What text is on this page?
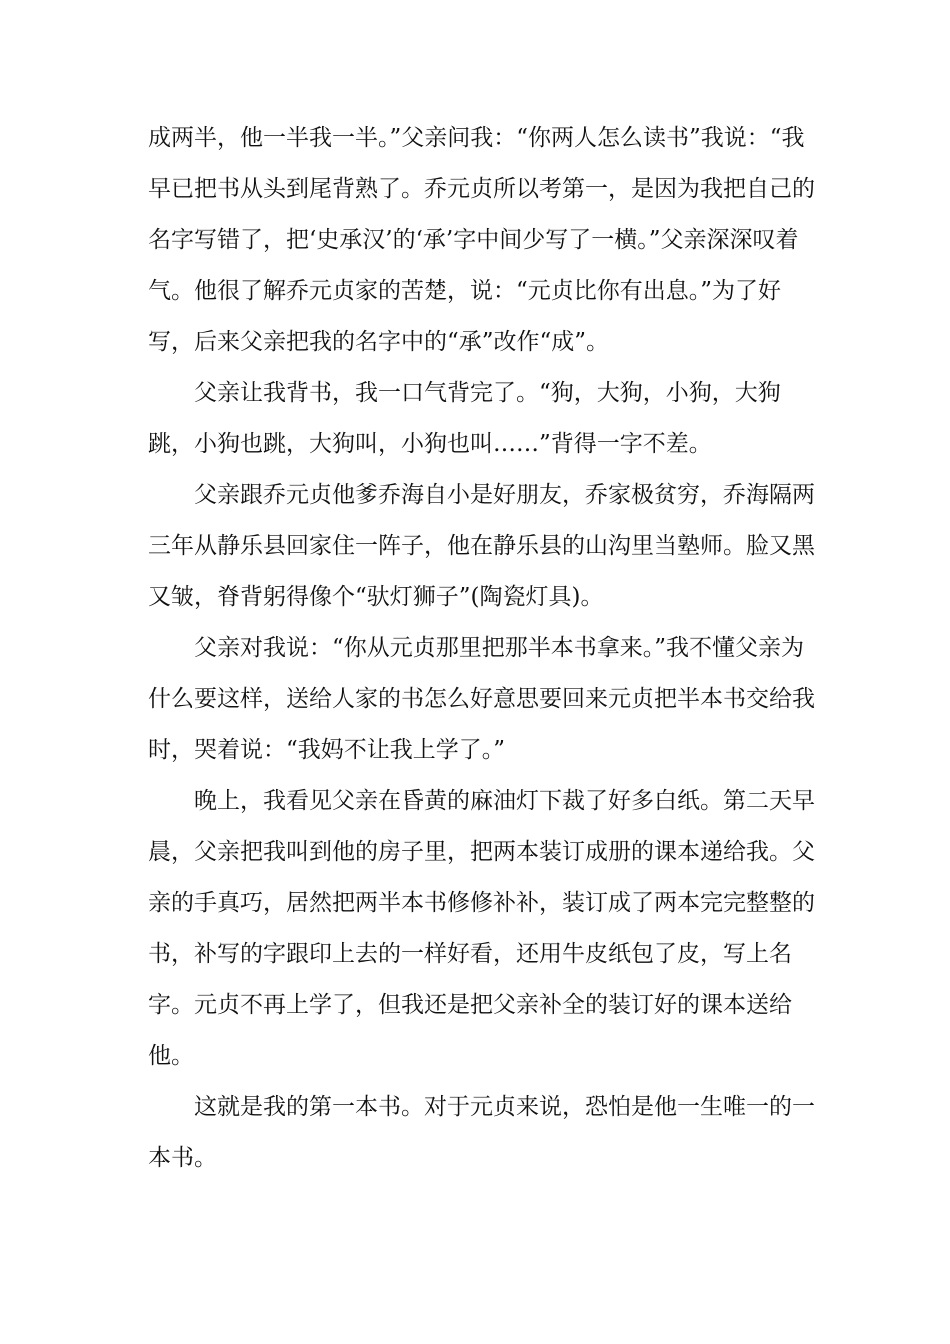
成两半，他一半我一半。”父亲问我：“你两人怎么读书”我说：“我
早已把书从头到尾背熟了。乔元贞所以考第一，是因为我把自己的
名字写错了，把‘史承汉’的‘承’字中间少写了一横。”父亲深深叹着
气。他很了解乔元贞家的苦楚，说：“元贞比你有出息。”为了好
写，后来父亲把我的名字中的“承”改作“成”。
父亲让我背书，我一口气背完了。“狗，大狗，小狗，大狗
跳，小狗也跳，大狗叫，小狗也叫……”背得一字不差。
父亲跟乔元贞他爹乔海自小是好朋友，乔家极贫穷，乔海隔两
三年从静乐县回家住一阵子，他在静乐县的山沟里当塾师。脸又黑
又皱，脊背躬得像个“驮灯狮子”(陶瓷灯具)。
父亲对我说：“你从元贞那里把那半本书拿来。”我不懂父亲为
什么要这样，送给人家的书怎么好意思要回来元贞把半本书交给我
时，哭着说：“我妈不让我上学了。”
晚上，我看见父亲在昏黄的麻油灯下裁了好多白纸。第二天早
晨，父亲把我叫到他的房子里，把两本装订成册的课本递给我。父
亲的手真巧，居然把两半本书修修补补，装订成了两本完完整整的
书，补写的字跟印上去的一样好看，还用牛皮纸包了皮，写上名
字。元贞不再上学了，但我还是把父亲补全的装订好的课本送给
他。
这就是我的第一本书。对于元贞来说，恐怕是他一生唯一的一
本书。
